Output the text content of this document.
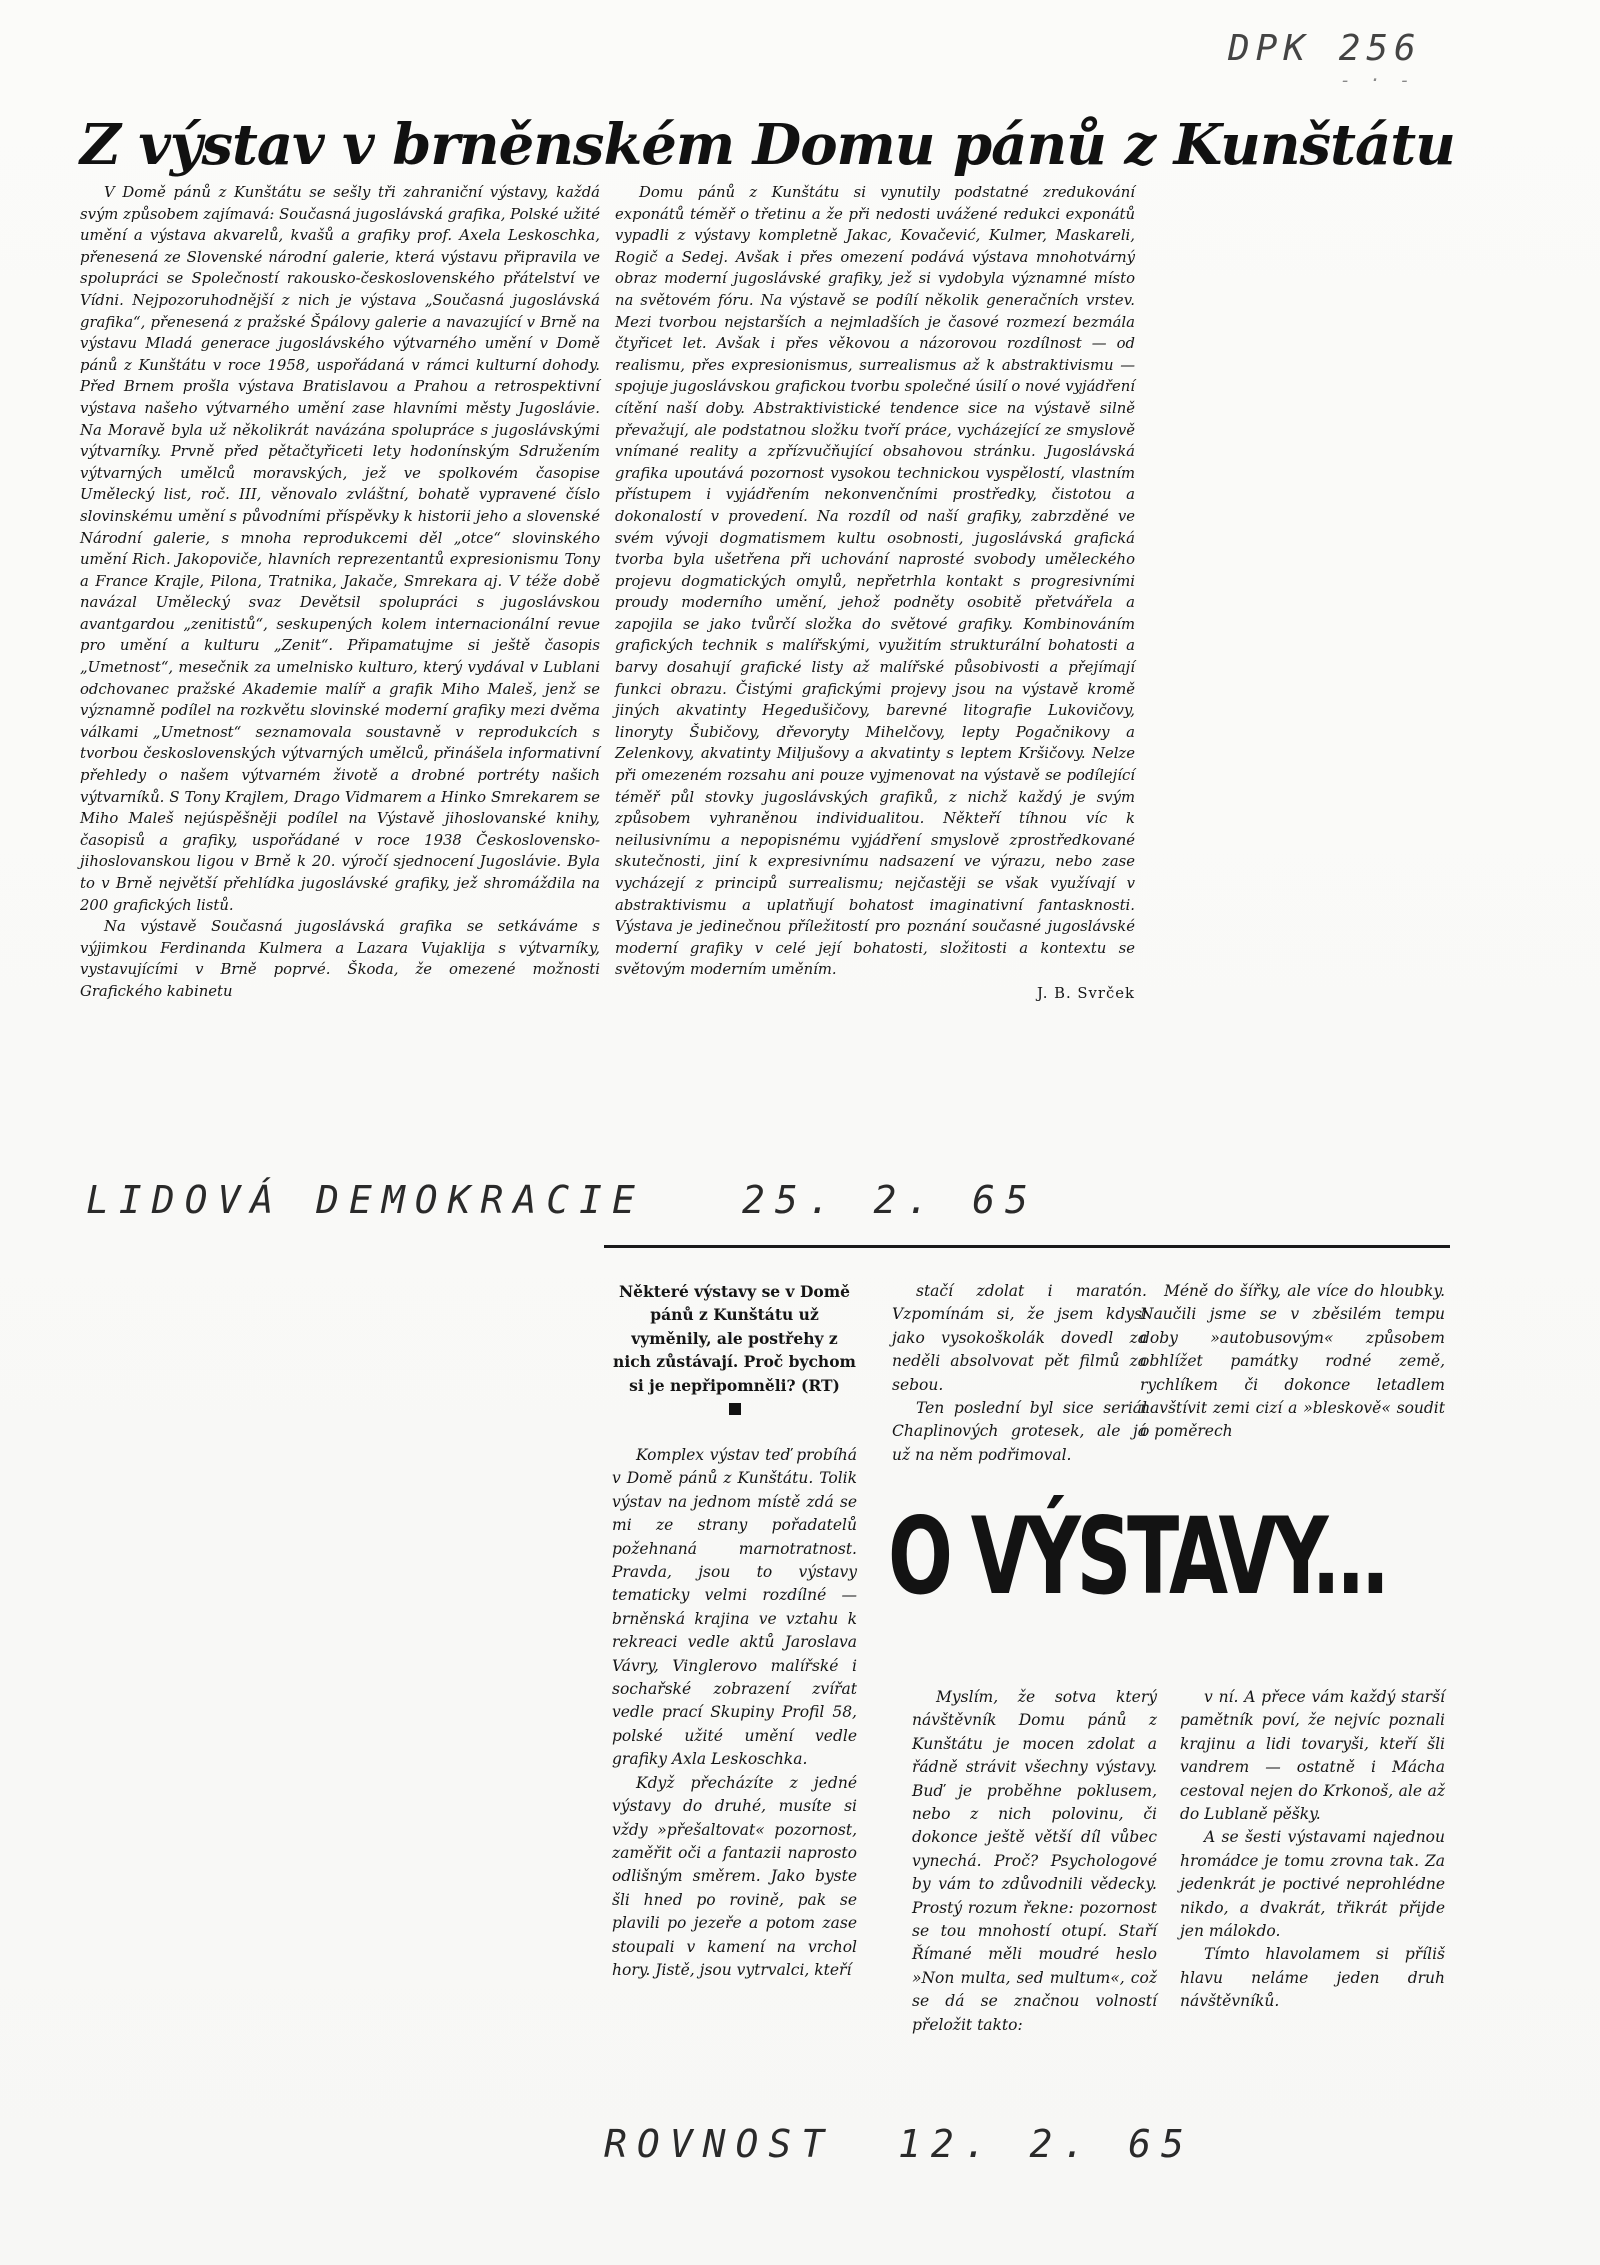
DPK 256
- · -
Z výstav v brněnském Domu pánů z Kunštátu

V Domě pánů z Kunštátu se sešly tři zahraniční výstavy, každá svým způsobem zajímavá: Současná jugoslávská grafika, Polské užité umění a výstava akvarelů, kvašů a grafiky prof. Axela Leskoschka, přenesená ze Slovenské národní galerie, která výstavu připravila ve spolupráci se Společností rakousko-československého přátelství ve Vídni. Nejpozoruhodnější z nich je výstava „Současná jugoslávská grafika“, přenesená z pražské Špálovy galerie a navazující v Brně na výstavu Mladá generace jugoslávského výtvarného umění v Domě pánů z Kunštátu v roce 1958, uspořádaná v rámci kulturní dohody. Před Brnem prošla výstava Bratislavou a Prahou a retrospektivní výstava našeho výtvarného umění zase hlavními městy Jugoslávie. Na Moravě byla už několikrát navázána spolupráce s jugoslávskými výtvarníky. Prvně před pětačtyřiceti lety hodonínským Sdružením výtvarných umělců moravských, jež ve spolkovém časopise Umělecký list, roč. III, věnovalo zvláštní, bohatě vypravené číslo slovinskému umění s původními příspěvky k historii jeho a slovenské Národní galerie, s mnoha reprodukcemi děl „otce“ slovinského umění Rich. Jakopoviče, hlavních reprezentantů expresionismu Tony a France Krajle, Pilona, Tratnika, Jakače, Smrekara aj. V téže době navázal Umělecký svaz Devětsil spolupráci s jugoslávskou avantgardou „zenitistů“, seskupených kolem internacionální revue pro umění a kulturu „Zenit“. Připamatujme si ještě časopis „Umetnost“, mesečnik za umelnisko kulturo, který vydával v Lublani odchovanec pražské Akademie malíř a grafik Miho Maleš, jenž se významně podílel na rozkvětu slovinské moderní grafiky mezi dvěma válkami „Umetnost“ seznamovala soustavně v reprodukcích s tvorbou československých výtvarných umělců, přinášela informativní přehledy o našem výtvarném životě a drobné portréty našich výtvarníků. S Tony Krajlem, Drago Vidmarem a Hinko Smrekarem se Miho Maleš nejúspěšněji podílel na Výstavě jihoslovanské knihy, časopisů a grafiky, uspořádané v roce 1938 Československo-jihoslovanskou ligou v Brně k 20. výročí sjednocení Jugoslávie. Byla to v Brně největší přehlídka jugoslávské grafiky, jež shromáždila na 200 grafických listů.

Na výstavě Současná jugoslávská grafika se setkáváme s výjimkou Ferdinanda Kulmera a Lazara Vujaklija s výtvarníky, vystavujícími v Brně poprvé. Škoda, že omezené možnosti Grafického kabinetu

Domu pánů z Kunštátu si vynutily podstatné zredukování exponátů téměř o třetinu a že při nedosti uvážené redukci exponátů vypadli z výstavy kompletně Jakac, Kovačević, Kulmer, Maskareli, Rogič a Sedej. Avšak i přes omezení podává výstava mnohotvárný obraz moderní jugoslávské grafiky, jež si vydobyla významné místo na světovém fóru. Na výstavě se podílí několik generačních vrstev. Mezi tvorbou nejstarších a nejmladších je časové rozmezí bezmála čtyřicet let. Avšak i přes věkovou a názorovou rozdílnost — od realismu, přes expresionismus, surrealismus až k abstraktivismu — spojuje jugoslávskou grafickou tvorbu společné úsilí o nové vyjádření cítění naší doby. Abstraktivistické tendence sice na výstavě silně převažují, ale podstatnou složku tvoří práce, vycházející ze smyslově vnímané reality a zpřízvučňující obsahovou stránku. Jugoslávská grafika upoutává pozornost vysokou technickou vyspělostí, vlastním přístupem i vyjádřením nekonvenčními prostředky, čistotou a dokonalostí v provedení. Na rozdíl od naší grafiky, zabrzděné ve svém vývoji dogmatismem kultu osobnosti, jugoslávská grafická tvorba byla ušetřena při uchování naprosté svobody uměleckého projevu dogmatických omylů, nepřetrhla kontakt s progresivními proudy moderního umění, jehož podněty osobitě přetvářela a zapojila se jako tvůrčí složka do světové grafiky. Kombinováním grafických technik s malířskými, využitím strukturální bohatosti a barvy dosahují grafické listy až malířské působivosti a přejímají funkci obrazu. Čistými grafickými projevy jsou na výstavě kromě jiných akvatinty Hegedušičovy, barevné litografie Lukovičovy, linoryty Šubičovy, dřevoryty Mihelčovy, lepty Pogačnikovy a Zelenkovy, akvatinty Miljušovy a akvatinty s leptem Kršičovy. Nelze při omezeném rozsahu ani pouze vyjmenovat na výstavě se podílející téměř půl stovky jugoslávských grafiků, z nichž každý je svým způsobem vyhraněnou individualitou. Někteří tíhnou víc k neilusivnímu a nepopisnému vyjádření smyslově zprostředkované skutečnosti, jiní k expresivnímu nadsazení ve výrazu, nebo zase vycházejí z principů surrealismu; nejčastěji se však využívají v abstraktivismu a uplatňují bohatost imaginativní fantasknosti. Výstava je jedinečnou příležitostí pro poznání současné jugoslávské moderní grafiky v celé její bohatosti, složitosti a kontextu se světovým moderním uměním.

J. B. Svrček
LIDOVÁ DEMOKRACIE	25. 2. 65
Některé výstavy se v Domě pánů z Kunštátu už vyměnily, ale postřehy z nich zůstávají. Proč bychom si je nepřipomněli? (RT)

Komplex výstav teď probíhá v Domě pánů z Kunštátu. Tolik výstav na jednom místě zdá se mi ze strany pořadatelů požehnaná marnotratnost. Pravda, jsou to výstavy tematicky velmi rozdílné — brněnská krajina ve vztahu k rekreaci vedle aktů Jaroslava Vávry, Vinglerovo malířské i sochařské zobrazení zvířat vedle prací Skupiny Profil 58, polské užité umění vedle grafiky Axla Leskoschka.

Když přecházíte z jedné výstavy do druhé, musíte si vždy »přešaltovat« pozornost, zaměřit oči a fantazii naprosto odlišným směrem. Jako byste šli hned po rovině, pak se plavili po jezeře a potom zase stoupali v kamení na vrchol hory. Jistě, jsou vytrvalci, kteří

stačí zdolat i maratón. Vzpomínám si, že jsem kdysi jako vysokoškolák dovedl za neděli absolvovat pět filmů za sebou.

Ten poslední byl sice seriál Chaplinových grotesek, ale já už na něm podřimoval.

Méně do šířky, ale více do hloubky. Naučili jsme se v zběsilém tempu doby »autobusovým« způsobem obhlížet památky rodné země, rychlíkem či dokonce letadlem navštívit zemi cizí a »bleskově« soudit o poměrech

O VÝSTAVY...

Myslím, že sotva který návštěvník Domu pánů z Kunštátu je mocen zdolat a řádně strávit všechny výstavy. Buď je proběhne poklusem, nebo z nich polovinu, či dokonce ještě větší díl vůbec vynechá. Proč? Psychologové by vám to zdůvodnili vědecky. Prostý rozum řekne: pozornost se tou mnohostí otupí. Staří Římané měli moudré heslo »Non multa, sed multum«, což se dá se značnou volností přeložit takto:

v ní. A přece vám každý starší pamětník poví, že nejvíc poznali krajinu a lidi tovaryši, kteří šli vandrem — ostatně i Mácha cestoval nejen do Krkonoš, ale až do Lublaně pěšky.

A se šesti výstavami najednou hromádce je tomu zrovna tak. Za jedenkrát je poctivé neprohlédne nikdo, a dvakrát, třikrát přijde jen málokdo.

Tímto hlavolamem si příliš hlavu neláme jeden druh návštěvníků.

ROVNOST 12. 2. 65
